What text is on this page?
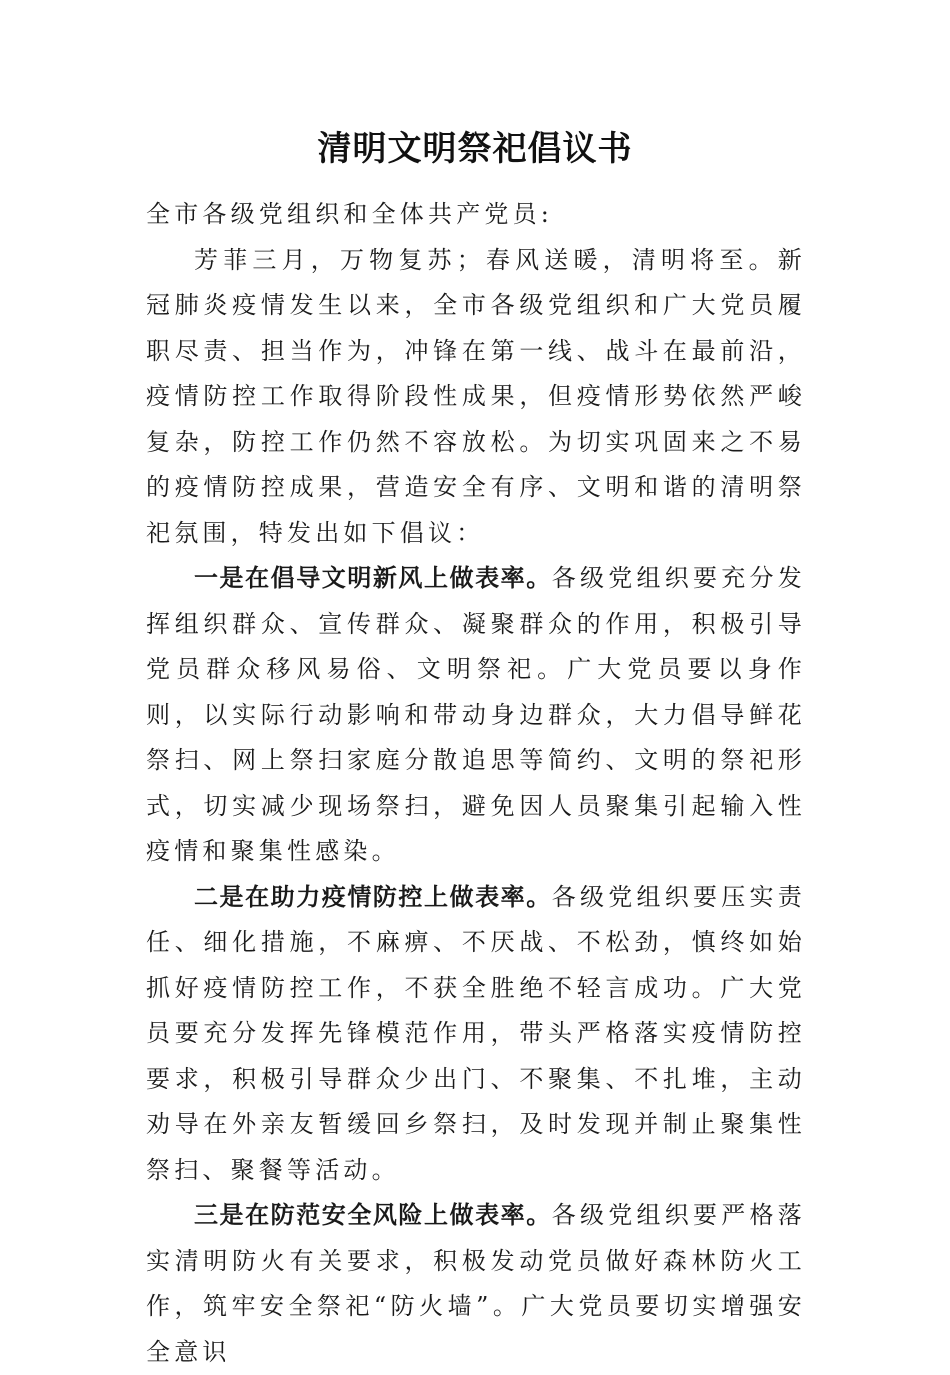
清明文明祭祀倡议书

全市各级党组织和全体共产党员:

芳菲三月，万物复苏；春风送暖，清明将至。新冠肺炎疫情发生以来，全市各级党组织和广大党员履职尽责、担当作为，冲锋在第一线、战斗在最前沿，疫情防控工作取得阶段性成果，但疫情形势依然严峻复杂，防控工作仍然不容放松。为切实巩固来之不易的疫情防控成果，营造安全有序、文明和谐的清明祭祀氛围，特发出如下倡议：

一是在倡导文明新风上做表率。各级党组织要充分发挥组织群众、宣传群众、凝聚群众的作用，积极引导党员群众移风易俗、文明祭祀。广大党员要以身作则，以实际行动影响和带动身边群众，大力倡导鲜花祭扫、网上祭扫家庭分散追思等简约、文明的祭祀形式，切实减少现场祭扫，避免因人员聚集引起输入性疫情和聚集性感染。

二是在助力疫情防控上做表率。各级党组织要压实责任、细化措施，不麻痹、不厌战、不松劲，慎终如始抓好疫情防控工作，不获全胜绝不轻言成功。广大党员要充分发挥先锋模范作用，带头严格落实疫情防控要求，积极引导群众少出门、不聚集、不扎堆，主动劝导在外亲友暂缓回乡祭扫，及时发现并制止聚集性祭扫、聚餐等活动。

三是在防范安全风险上做表率。各级党组织要严格落实清明防火有关要求，积极发动党员做好森林防火工作，筑牢安全祭祀“防火墙”。广大党员要切实增强安全意识
